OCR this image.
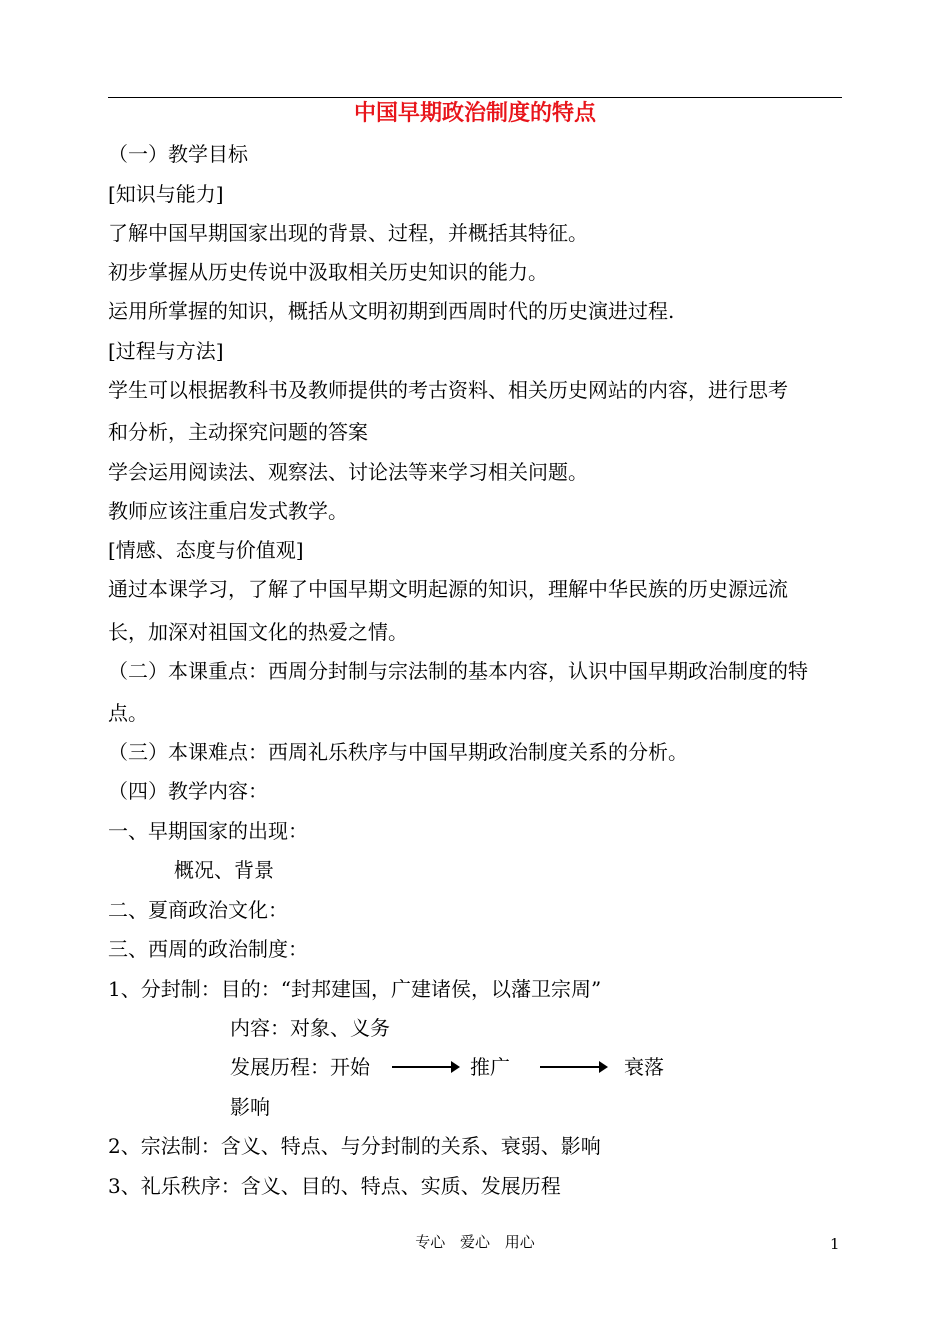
中国早期政治制度的特点
（一）教学目标
[知识与能力]
了解中国早期国家出现的背景、过程，并概括其特征。
初步掌握从历史传说中汲取相关历史知识的能力。
运用所掌握的知识，概括从文明初期到西周时代的历史演进过程.
[过程与方法]
学生可以根据教科书及教师提供的考古资料、相关历史网站的内容，进行思考
和分析，主动探究问题的答案
学会运用阅读法、观察法、讨论法等来学习相关问题。
教师应该注重启发式教学。
[情感、态度与价值观]
通过本课学习，了解了中国早期文明起源的知识，理解中华民族的历史源远流
长，加深对祖国文化的热爱之情。
（二）本课重点：西周分封制与宗法制的基本内容，认识中国早期政治制度的特
点。
（三）本课难点：西周礼乐秩序与中国早期政治制度关系的分析。
（四）教学内容：
一、早期国家的出现：
概况、背景
二、夏商政治文化：
三、西周的政治制度：
1、分封制：目的：“封邦建国，广建诸侯，以藩卫宗周”
内容：对象、义务
发展历程：开始	推广	衰落
影响
2、宗法制：含义、特点、与分封制的关系、衰弱、影响
3、礼乐秩序：含义、目的、特点、实质、发展历程
专心 爱心 用心	1
